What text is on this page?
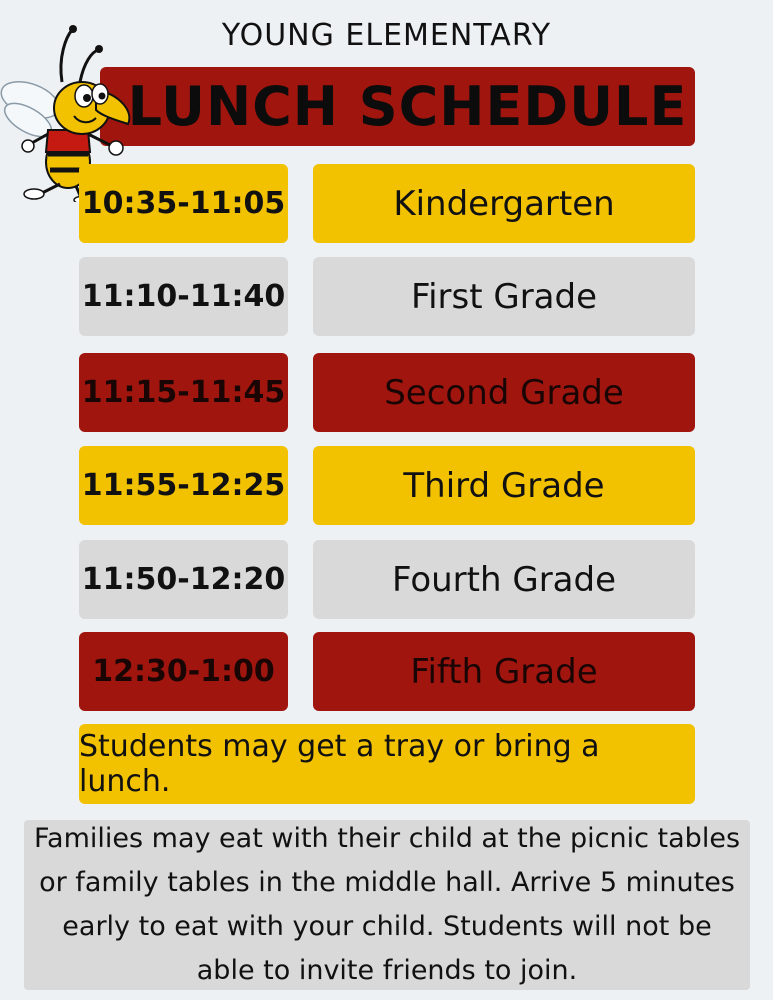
YOUNG ELEMENTARY
LUNCH SCHEDULE
10:35-11:05	Kindergarten
11:10-11:40	First Grade
11:15-11:45	Second Grade
11:55-12:25	Third Grade
11:50-12:20	Fourth Grade
12:30-1:00	Fifth Grade
Students may get a tray or bring a lunch.
Families may eat with their child at the picnic tables or family tables in the middle hall. Arrive 5 minutes early to eat with your child. Students will not be able to invite friends to join.
